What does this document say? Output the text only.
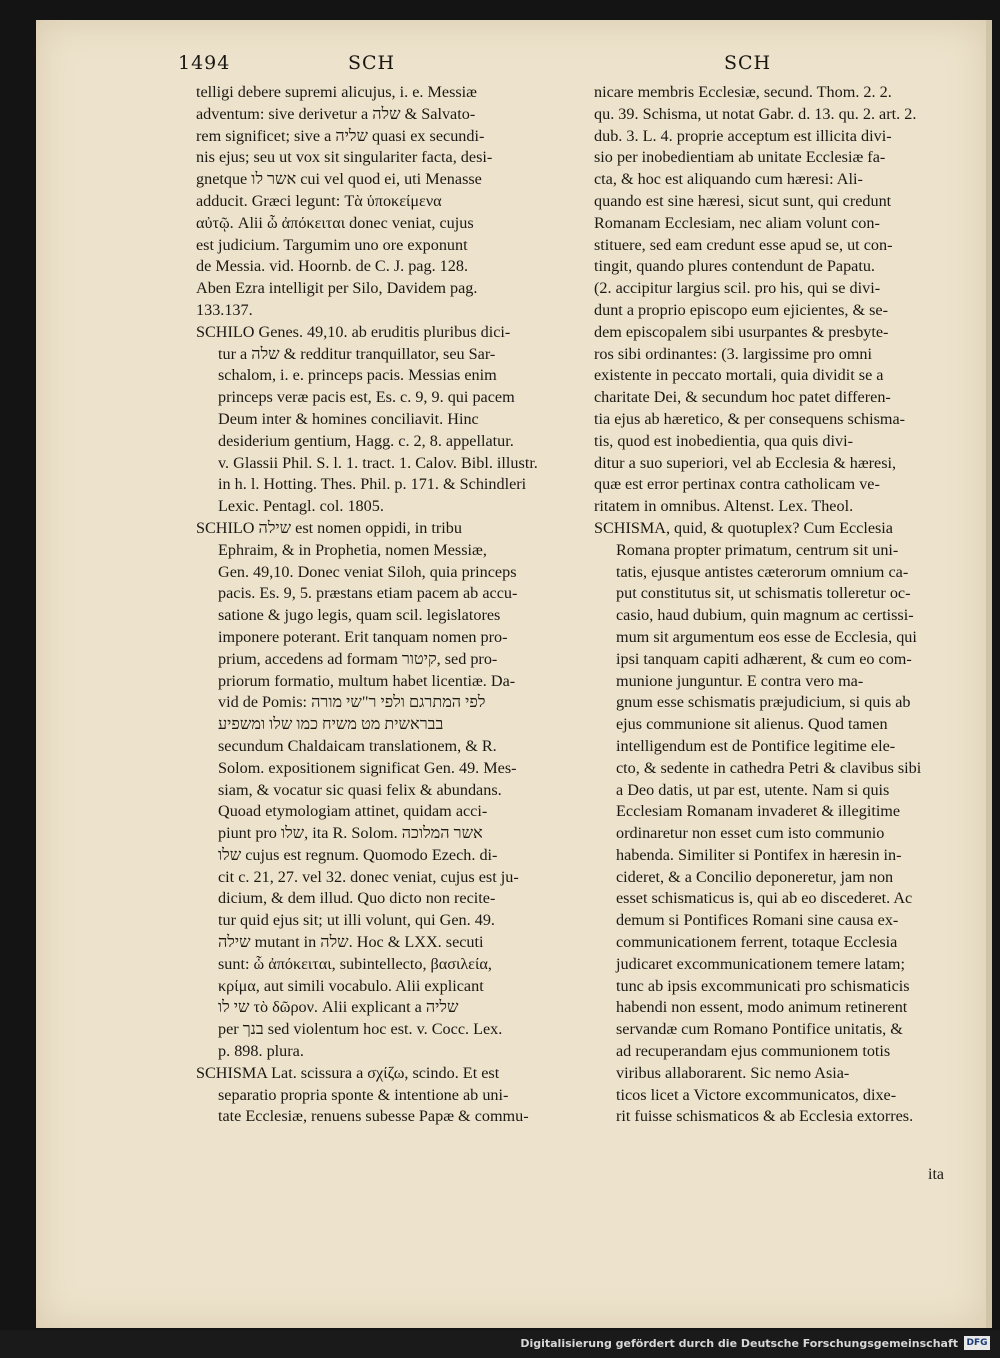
1494	SCH	SCH
telligi debere supremi alicujus, i. e. Messiæ
adventum: sive derivetur a שלה & Salvato-
rem significet; sive a שליה quasi ex secundi-
nis ejus; seu ut vox sit singulariter facta, desi-
gnetque אשר לו cui vel quod ei, uti Menasse
adducit. Græci legunt: Τὰ ὑποκείμενα
αὐτῷ. Alii ὧ ἀπόκειται donec veniat, cujus
est judicium. Targumim uno ore exponunt
de Messia. vid. Hoornb. de C. J. pag. 128.
Aben Ezra intelligit per Silo, Davidem pag.
133.137.
SCHILO Genes. 49,10. ab eruditis pluribus dici-
tur a שלה & redditur tranquillator, seu Sar-
schalom, i. e. princeps pacis. Messias enim
princeps veræ pacis est, Es. c. 9, 9. qui pacem
Deum inter & homines conciliavit. Hinc
desiderium gentium, Hagg. c. 2, 8. appellatur.
v. Glassii Phil. S. l. 1. tract. 1. Calov. Bibl. illustr.
in h. l. Hotting. Thes. Phil. p. 171. & Schindleri
Lexic. Pentagl. col. 1805.
SCHILO שילה est nomen oppidi, in tribu
Ephraim, & in Prophetia, nomen Messiæ,
Gen. 49,10. Donec veniat Siloh, quia princeps
pacis. Es. 9, 5. præstans etiam pacem ab accu-
satione & jugo legis, quam scil. legislatores
imponere poterant. Erit tanquam nomen pro-
prium, accedens ad formam קיטור, sed pro-
priorum formatio, multum habet licentiæ. Da-
vid de Pomis: לפי המתרגם ולפי ר"שי מורה
בבראשית מט משיח כמו שלו ומשפיע
secundum Chaldaicam translationem, & R.
Solom. expositionem significat Gen. 49. Mes-
siam, & vocatur sic quasi felix & abundans.
Quoad etymologiam attinet, quidam acci-
piunt pro שלו, ita R. Solom. אשר המלוכה
שלו cujus est regnum. Quomodo Ezech. di-
cit c. 21, 27. vel 32. donec veniat, cujus est ju-
dicium, & dem illud. Quo dicto non recite-
tur quid ejus sit; ut illi volunt, qui Gen. 49.
שילה mutant in שלה. Hoc & LXX. secuti
sunt: ὧ ἀπόκειται, subintellecto, βασιλεία,
κρίμα, aut simili vocabulo. Alii explicant
שי לו τὸ δῶρον. Alii explicant a שליה
per בנך sed violentum hoc est. v. Cocc. Lex.
p. 898. plura.
SCHISMA Lat. scissura a σχίζω, scindo. Et est
separatio propria sponte & intentione ab uni-
tate Ecclesiæ, renuens subesse Papæ & commu-
nicare membris Ecclesiæ, secund. Thom. 2. 2.
qu. 39. Schisma, ut notat Gabr. d. 13. qu. 2. art. 2.
dub. 3. L. 4. proprie acceptum est illicita divi-
sio per inobedientiam ab unitate Ecclesiæ fa-
cta, & hoc est aliquando cum hæresi: Ali-
quando est sine hæresi, sicut sunt, qui credunt
Romanam Ecclesiam, nec aliam volunt con-
stituere, sed eam credunt esse apud se, ut con-
tingit, quando plures contendunt de Papatu.
(2. accipitur largius scil. pro his, qui se divi-
dunt a proprio episcopo eum ejicientes, & se-
dem episcopalem sibi usurpantes & presbyte-
ros sibi ordinantes: (3. largissime pro omni
existente in peccato mortali, quia dividit se a
charitate Dei, & secundum hoc patet differen-
tia ejus ab hæretico, & per consequens schisma-
tis, quod est inobedientia, qua quis divi-
ditur a suo superiori, vel ab Ecclesia & hæresi,
quæ est error pertinax contra catholicam ve-
ritatem in omnibus. Altenst. Lex. Theol.
SCHISMA, quid, & quotuplex? Cum Ecclesia
Romana propter primatum, centrum sit uni-
tatis, ejusque antistes cæterorum omnium ca-
put constitutus sit, ut schismatis tolleretur oc-
casio, haud dubium, quin magnum ac certissi-
mum sit argumentum eos esse de Ecclesia, qui
ipsi tanquam capiti adhærent, & cum eo com-
munione junguntur. E contra vero ma-
gnum esse schismatis præjudicium, si quis ab
ejus communione sit alienus. Quod tamen
intelligendum est de Pontifice legitime ele-
cto, & sedente in cathedra Petri & clavibus sibi
a Deo datis, ut par est, utente. Nam si quis
Ecclesiam Romanam invaderet & illegitime
ordinaretur non esset cum isto communio
habenda. Similiter si Pontifex in hæresin in-
cideret, & a Concilio deponeretur, jam non
esset schismaticus is, qui ab eo discederet. Ac
demum si Pontifices Romani sine causa ex-
communicationem ferrent, totaque Ecclesia
judicaret excommunicationem temere latam;
tunc ab ipsis excommunicati pro schismaticis
habendi non essent, modo animum retinerent
servandæ cum Romano Pontifice unitatis, &
ad recuperandam ejus communionem totis
viribus allaborarent. Sic nemo Asia-
ticos licet a Victore excommunicatos, dixe-
rit fuisse schismaticos & ab Ecclesia extorres.
ita
Digitalisierung gefördert durch die Deutsche Forschungsgemeinschaft DFG
